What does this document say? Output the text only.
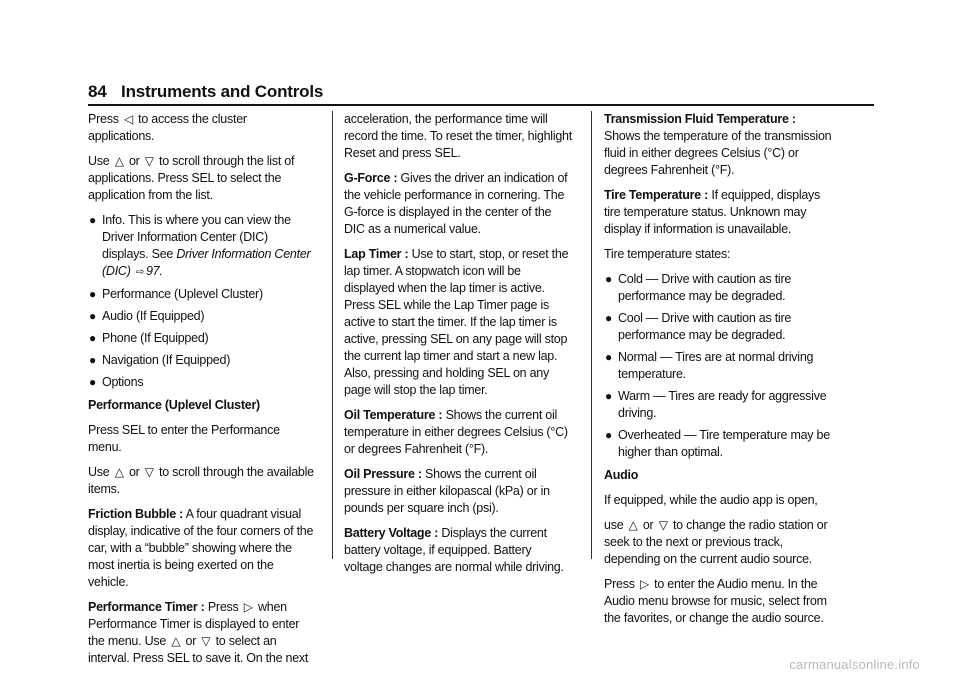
84 Instruments and Controls

Press ◁ to access the cluster applications.

Use △ or ▽ to scroll through the list of applications. Press SEL to select the application from the list.

● Info. This is where you can view the Driver Information Center (DIC) displays. See Driver Information Center (DIC) ⇨ 97.
● Performance (Uplevel Cluster)
● Audio (If Equipped)
● Phone (If Equipped)
● Navigation (If Equipped)
● Options

Performance (Uplevel Cluster)

Press SEL to enter the Performance menu.

Use △ or ▽ to scroll through the available items.

Friction Bubble : A four quadrant visual display, indicative of the four corners of the car, with a “bubble” showing where the most inertia is being exerted on the vehicle.

Performance Timer : Press ▷ when Performance Timer is displayed to enter the menu. Use △ or ▽ to select an interval. Press SEL to save it. On the next

acceleration, the performance time will record the time. To reset the timer, highlight Reset and press SEL.

G-Force : Gives the driver an indication of the vehicle performance in cornering. The G-force is displayed in the center of the DIC as a numerical value.

Lap Timer : Use to start, stop, or reset the lap timer. A stopwatch icon will be displayed when the lap timer is active. Press SEL while the Lap Timer page is active to start the timer. If the lap timer is active, pressing SEL on any page will stop the current lap timer and start a new lap. Also, pressing and holding SEL on any page will stop the lap timer.

Oil Temperature : Shows the current oil temperature in either degrees Celsius (°C) or degrees Fahrenheit (°F).

Oil Pressure : Shows the current oil pressure in either kilopascal (kPa) or in pounds per square inch (psi).

Battery Voltage : Displays the current battery voltage, if equipped. Battery voltage changes are normal while driving.

Transmission Fluid Temperature : Shows the temperature of the transmission fluid in either degrees Celsius (°C) or degrees Fahrenheit (°F).

Tire Temperature : If equipped, displays tire temperature status. Unknown may display if information is unavailable.

Tire temperature states:

● Cold — Drive with caution as tire performance may be degraded.
● Cool — Drive with caution as tire performance may be degraded.
● Normal — Tires are at normal driving temperature.
● Warm — Tires are ready for aggressive driving.
● Overheated — Tire temperature may be higher than optimal.

Audio

If equipped, while the audio app is open,

use △ or ▽ to change the radio station or seek to the next or previous track, depending on the current audio source.

Press ▷ to enter the Audio menu. In the Audio menu browse for music, select from the favorites, or change the audio source.

carmanualsonline.info
